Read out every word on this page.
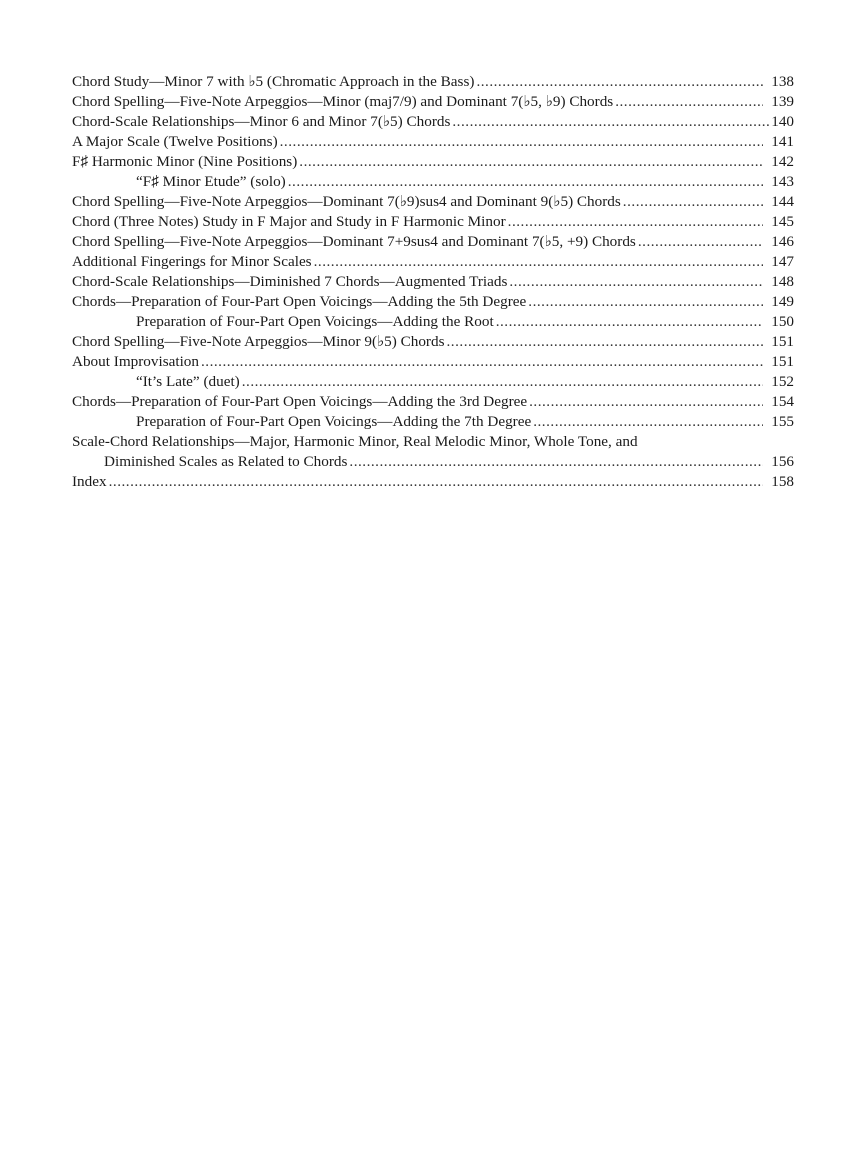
Chord Study—Minor 7 with ♭5 (Chromatic Approach in the Bass) .....	138
Chord Spelling—Five-Note Arpeggios—Minor (maj7/9) and Dominant 7(♭5, ♭9) Chords .....	139
Chord-Scale Relationships—Minor 6 and Minor 7(♭5) Chords .....	140
A Major Scale (Twelve Positions) .....	141
F♯ Harmonic Minor (Nine Positions) .....	142
“F♯ Minor Etude” (solo) .....	143
Chord Spelling—Five-Note Arpeggios—Dominant 7(♭9)sus4 and Dominant 9(♭5) Chords .....	144
Chord (Three Notes) Study in F Major and Study in F Harmonic Minor .....	145
Chord Spelling—Five-Note Arpeggios—Dominant 7+9sus4 and Dominant 7(♭5, +9) Chords .....	146
Additional Fingerings for Minor Scales .....	147
Chord-Scale Relationships—Diminished 7 Chords—Augmented Triads .....	148
Chords—Preparation of Four-Part Open Voicings—Adding the 5th Degree .....	149
Preparation of Four-Part Open Voicings—Adding the Root .....	150
Chord Spelling—Five-Note Arpeggios—Minor 9(♭5) Chords .....	151
About Improvisation .....	151
“It’s Late” (duet) .....	152
Chords—Preparation of Four-Part Open Voicings—Adding the 3rd Degree .....	154
Preparation of Four-Part Open Voicings—Adding the 7th Degree .....	155
Scale-Chord Relationships—Major, Harmonic Minor, Real Melodic Minor, Whole Tone, and
Diminished Scales as Related to Chords .....	156
Index .....	158
